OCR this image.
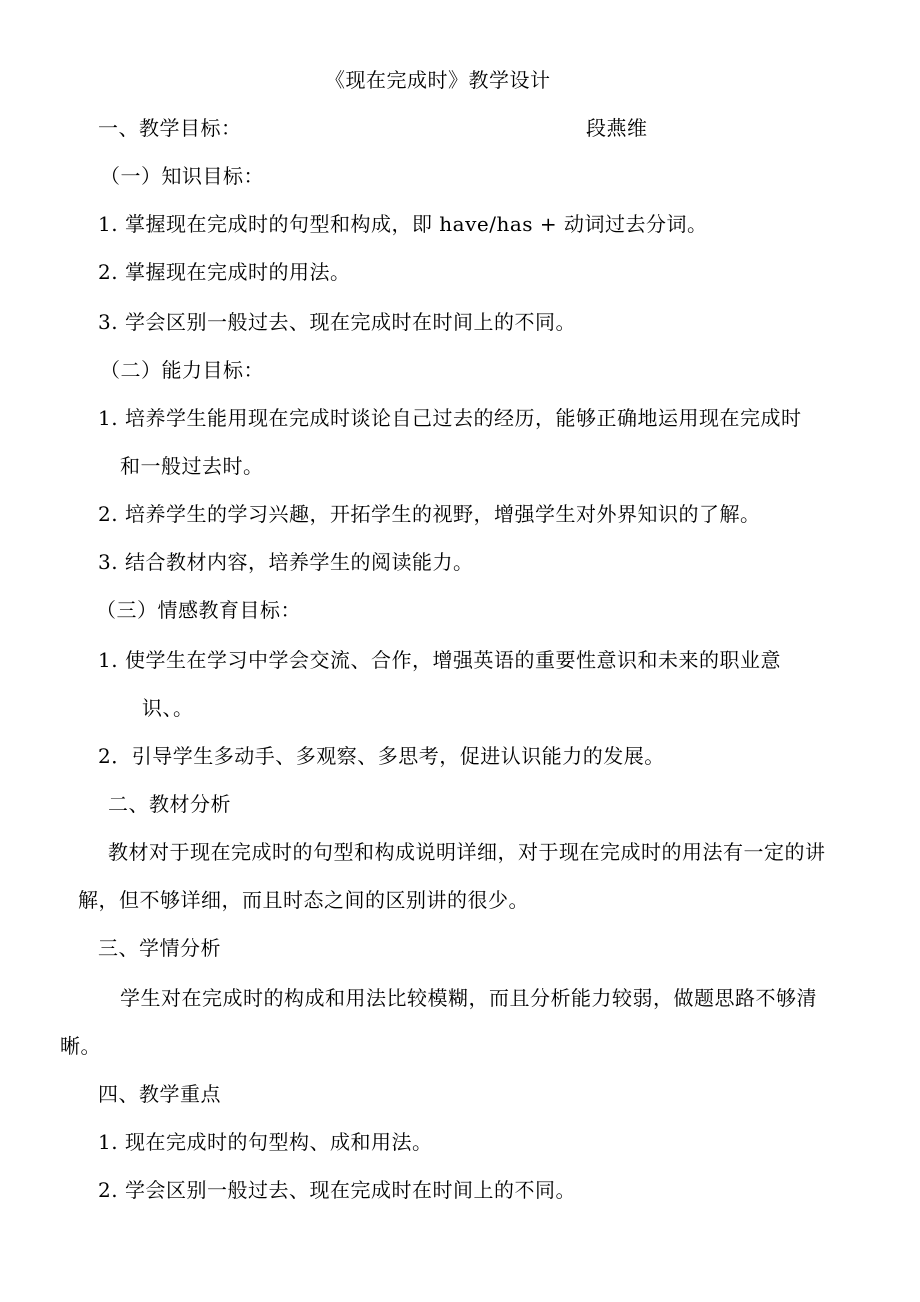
《现在完成时》教学设计
段燕维
一、教学目标：
（一）知识目标：
1. 掌握现在完成时的句型和构成，即 have/has + 动词过去分词。
2. 掌握现在完成时的用法。
3. 学会区别一般过去、现在完成时在时间上的不同。
（二）能力目标：
1. 培养学生能用现在完成时谈论自己过去的经历，能够正确地运用现在完成时
和一般过去时。
2. 培养学生的学习兴趣，开拓学生的视野，增强学生对外界知识的了解。
3. 结合教材内容，培养学生的阅读能力。
（三）情感教育目标：
1. 使学生在学习中学会交流、合作，增强英语的重要性意识和未来的职业意
识、。
2．引导学生多动手、多观察、多思考，促进认识能力的发展。
二、教材分析
教材对于现在完成时的句型和构成说明详细，对于现在完成时的用法有一定的讲
解，但不够详细，而且时态之间的区别讲的很少。
三、学情分析
学生对在完成时的构成和用法比较模糊，而且分析能力较弱，做题思路不够清
晰。
四、教学重点
1. 现在完成时的句型构、成和用法。
2. 学会区别一般过去、现在完成时在时间上的不同。
